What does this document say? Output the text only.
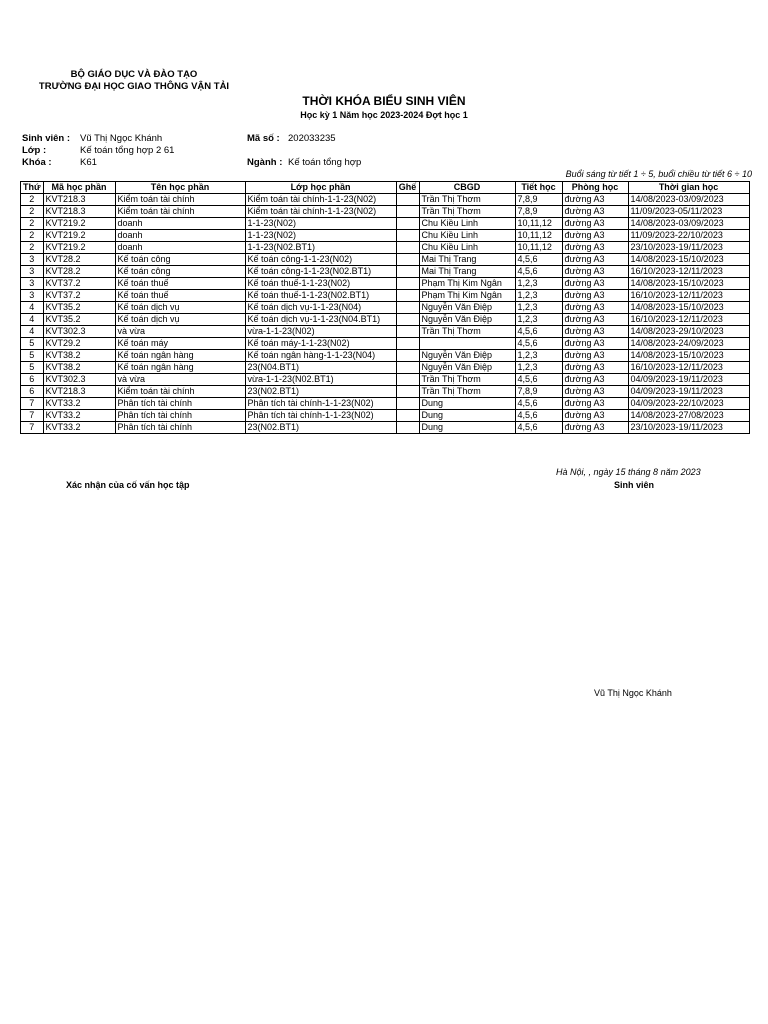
BỘ GIÁO DỤC VÀ ĐÀO TẠO
TRƯỜNG ĐẠI HỌC GIAO THÔNG VẬN TẢI
THỜI KHÓA BIỂU SINH VIÊN
Học kỳ 1 Năm học 2023-2024 Đợt học 1
Sinh viên : Vũ Thị Ngọc Khánh	Mã số : 202033235
Lớp :	Kế toán tổng hợp 2 61
Khóa :	K61	Ngành : Kế toán tổng hợp
Buổi sáng từ tiết 1 ÷ 5, buổi chiều từ tiết 6 ÷ 10
Thứ	Mã học phần	Tên học phần	Lớp học phần	Ghế	CBGD	Tiết học	Phòng học	Thời gian học
2	KVT218.3	Kiểm toán tài chính	Kiểm toán tài chính-1-1-23(N02)		Trần Thị Thơm	7,8,9	đường A3	14/08/2023-03/09/2023
2	KVT218.3	Kiểm toán tài chính	Kiểm toán tài chính-1-1-23(N02)		Trần Thị Thơm	7,8,9	đường A3	11/09/2023-05/11/2023
2	KVT219.2	doanh	1-1-23(N02)		Chu Kiều Linh	10,11,12	đường A3	14/08/2023-03/09/2023
2	KVT219.2	doanh	1-1-23(N02)		Chu Kiều Linh	10,11,12	đường A3	11/09/2023-22/10/2023
2	KVT219.2	doanh	1-1-23(N02.BT1)		Chu Kiều Linh	10,11,12	đường A3	23/10/2023-19/11/2023
3	KVT28.2	Kế toán công	Kế toán công-1-1-23(N02)		Mai Thị Trang	4,5,6	đường A3	14/08/2023-15/10/2023
3	KVT28.2	Kế toán công	Kế toán công-1-1-23(N02.BT1)		Mai Thị Trang	4,5,6	đường A3	16/10/2023-12/11/2023
3	KVT37.2	Kế toán thuế	Kế toán thuế-1-1-23(N02)		Phạm Thị Kim Ngân	1,2,3	đường A3	14/08/2023-15/10/2023
3	KVT37.2	Kế toán thuế	Kế toán thuế-1-1-23(N02.BT1)		Phạm Thị Kim Ngân	1,2,3	đường A3	16/10/2023-12/11/2023
4	KVT35.2	Kế toán dịch vụ	Kế toán dịch vụ-1-1-23(N04)		Nguyễn Văn Điệp	1,2,3	đường A3	14/08/2023-15/10/2023
4	KVT35.2	Kế toán dịch vụ	Kế toán dịch vụ-1-1-23(N04.BT1)		Nguyễn Văn Điệp	1,2,3	đường A3	16/10/2023-12/11/2023
4	KVT302.3	và vừa	vừa-1-1-23(N02)		Trần Thị Thơm	4,5,6	đường A3	14/08/2023-29/10/2023
5	KVT29.2	Kế toán máy	Kế toán máy-1-1-23(N02)			4,5,6	đường A3	14/08/2023-24/09/2023
5	KVT38.2	Kế toán ngân hàng	Kế toán ngân hàng-1-1-23(N04)		Nguyễn Văn Điệp	1,2,3	đường A3	14/08/2023-15/10/2023
5	KVT38.2	Kế toán ngân hàng	23(N04.BT1)		Nguyễn Văn Điệp	1,2,3	đường A3	16/10/2023-12/11/2023
6	KVT302.3	và vừa	vừa-1-1-23(N02.BT1)		Trần Thị Thơm	4,5,6	đường A3	04/09/2023-19/11/2023
6	KVT218.3	Kiểm toán tài chính	23(N02.BT1)		Trần Thị Thơm	7,8,9	đường A3	04/09/2023-19/11/2023
7	KVT33.2	Phân tích tài chính	Phân tích tài chính-1-1-23(N02)		Dung	4,5,6	đường A3	04/09/2023-22/10/2023
7	KVT33.2	Phân tích tài chính	Phân tích tài chính-1-1-23(N02)		Dung	4,5,6	đường A3	14/08/2023-27/08/2023
7	KVT33.2	Phân tích tài chính	23(N02.BT1)		Dung	4,5,6	đường A3	23/10/2023-19/11/2023
Hà Nội, , ngày 15 tháng 8 năm 2023
Xác nhận của cố vấn học tập	Sinh viên
Vũ Thị Ngọc Khánh
